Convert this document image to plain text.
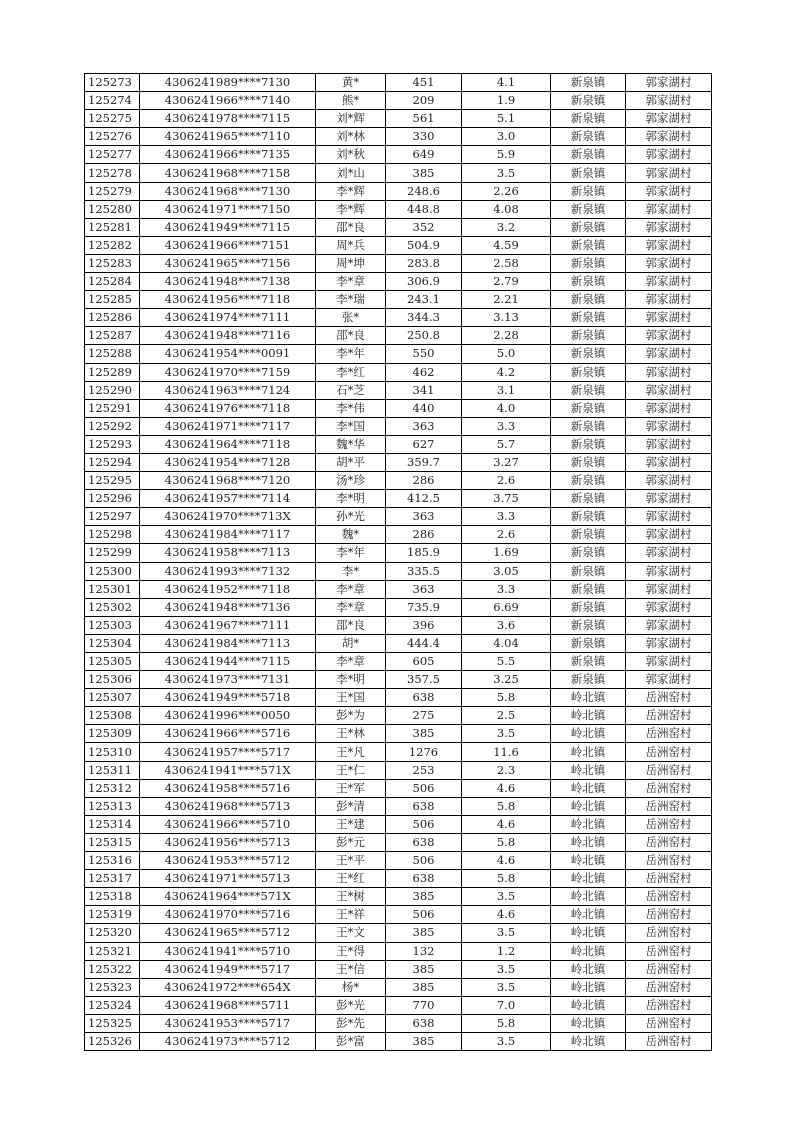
125273	4306241989****7130	黄*	451	4.1	新泉镇	郭家湖村
125274	4306241966****7140	熊*	209	1.9	新泉镇	郭家湖村
125275	4306241978****7115	刘*辉	561	5.1	新泉镇	郭家湖村
125276	4306241965****7110	刘*林	330	3.0	新泉镇	郭家湖村
125277	4306241966****7135	刘*秋	649	5.9	新泉镇	郭家湖村
125278	4306241968****7158	刘*山	385	3.5	新泉镇	郭家湖村
125279	4306241968****7130	李*辉	248.6	2.26	新泉镇	郭家湖村
125280	4306241971****7150	李*辉	448.8	4.08	新泉镇	郭家湖村
125281	4306241949****7115	邵*良	352	3.2	新泉镇	郭家湖村
125282	4306241966****7151	周*兵	504.9	4.59	新泉镇	郭家湖村
125283	4306241965****7156	周*坤	283.8	2.58	新泉镇	郭家湖村
125284	4306241948****7138	李*章	306.9	2.79	新泉镇	郭家湖村
125285	4306241956****7118	李*瑞	243.1	2.21	新泉镇	郭家湖村
125286	4306241974****7111	张*	344.3	3.13	新泉镇	郭家湖村
125287	4306241948****7116	邵*良	250.8	2.28	新泉镇	郭家湖村
125288	4306241954****0091	李*年	550	5.0	新泉镇	郭家湖村
125289	4306241970****7159	李*红	462	4.2	新泉镇	郭家湖村
125290	4306241963****7124	石*芝	341	3.1	新泉镇	郭家湖村
125291	4306241976****7118	李*伟	440	4.0	新泉镇	郭家湖村
125292	4306241971****7117	李*国	363	3.3	新泉镇	郭家湖村
125293	4306241964****7118	魏*华	627	5.7	新泉镇	郭家湖村
125294	4306241954****7128	胡*平	359.7	3.27	新泉镇	郭家湖村
125295	4306241968****7120	汤*珍	286	2.6	新泉镇	郭家湖村
125296	4306241957****7114	李*明	412.5	3.75	新泉镇	郭家湖村
125297	4306241970****713X	孙*光	363	3.3	新泉镇	郭家湖村
125298	4306241984****7117	魏*	286	2.6	新泉镇	郭家湖村
125299	4306241958****7113	李*年	185.9	1.69	新泉镇	郭家湖村
125300	4306241993****7132	李*	335.5	3.05	新泉镇	郭家湖村
125301	4306241952****7118	李*章	363	3.3	新泉镇	郭家湖村
125302	4306241948****7136	李*章	735.9	6.69	新泉镇	郭家湖村
125303	4306241967****7111	邵*良	396	3.6	新泉镇	郭家湖村
125304	4306241984****7113	胡*	444.4	4.04	新泉镇	郭家湖村
125305	4306241944****7115	李*章	605	5.5	新泉镇	郭家湖村
125306	4306241973****7131	李*明	357.5	3.25	新泉镇	郭家湖村
125307	4306241949****5718	王*国	638	5.8	岭北镇	岳洲窑村
125308	4306241996****0050	彭*为	275	2.5	岭北镇	岳洲窑村
125309	4306241966****5716	王*林	385	3.5	岭北镇	岳洲窑村
125310	4306241957****5717	王*凡	1276	11.6	岭北镇	岳洲窑村
125311	4306241941****571X	王*仁	253	2.3	岭北镇	岳洲窑村
125312	4306241958****5716	王*军	506	4.6	岭北镇	岳洲窑村
125313	4306241968****5713	彭*清	638	5.8	岭北镇	岳洲窑村
125314	4306241966****5710	王*建	506	4.6	岭北镇	岳洲窑村
125315	4306241956****5713	彭*元	638	5.8	岭北镇	岳洲窑村
125316	4306241953****5712	王*平	506	4.6	岭北镇	岳洲窑村
125317	4306241971****5713	王*红	638	5.8	岭北镇	岳洲窑村
125318	4306241964****571X	王*树	385	3.5	岭北镇	岳洲窑村
125319	4306241970****5716	王*祥	506	4.6	岭北镇	岳洲窑村
125320	4306241965****5712	王*文	385	3.5	岭北镇	岳洲窑村
125321	4306241941****5710	王*得	132	1.2	岭北镇	岳洲窑村
125322	4306241949****5717	王*信	385	3.5	岭北镇	岳洲窑村
125323	4306241972****654X	杨*	385	3.5	岭北镇	岳洲窑村
125324	4306241968****5711	彭*光	770	7.0	岭北镇	岳洲窑村
125325	4306241953****5717	彭*先	638	5.8	岭北镇	岳洲窑村
125326	4306241973****5712	彭*富	385	3.5	岭北镇	岳洲窑村
